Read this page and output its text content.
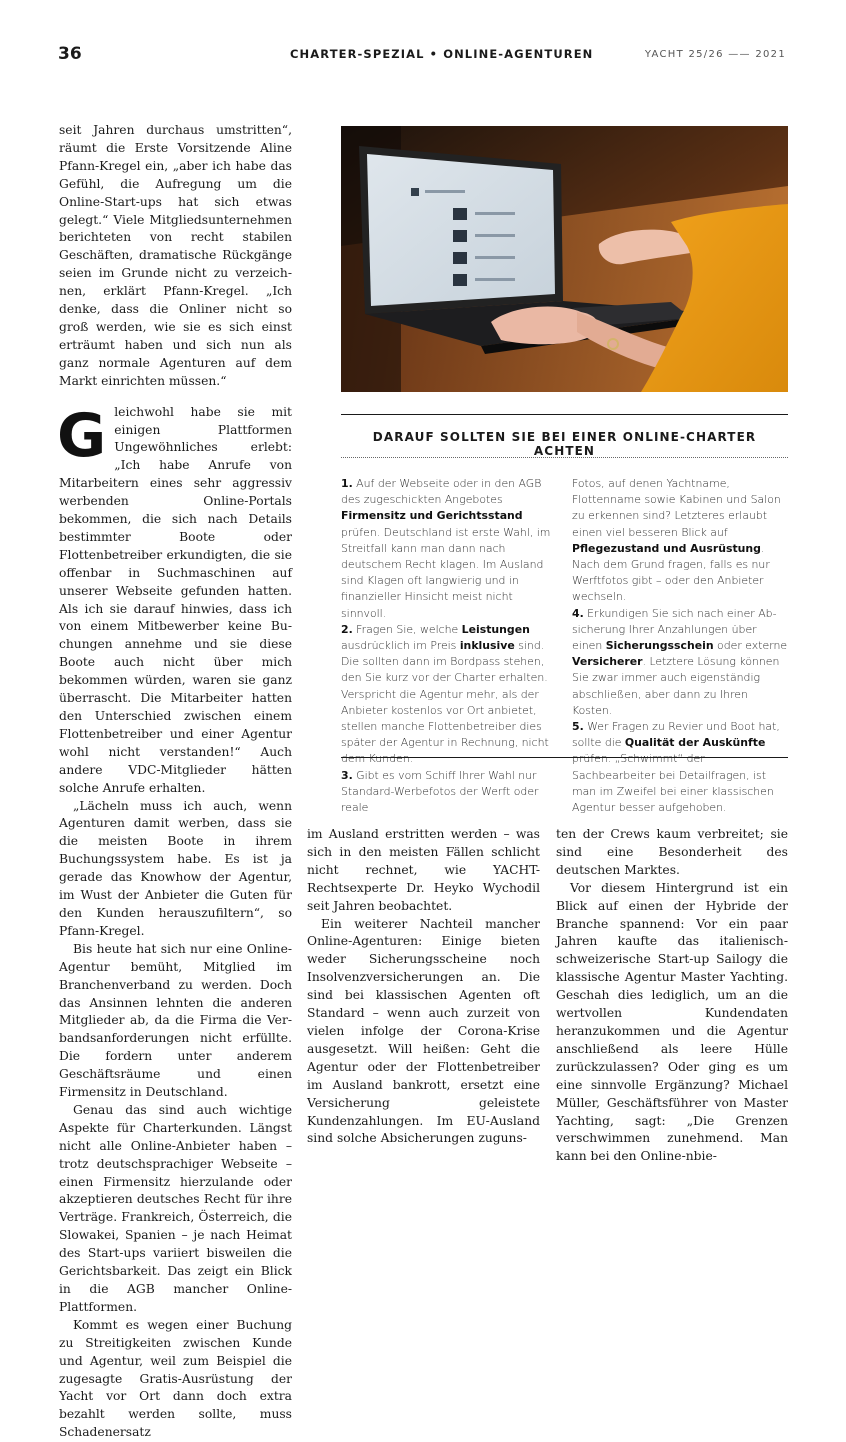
36	CHARTER-SPEZIAL • ONLINE-AGENTUREN	YACHT 25/26 —— 2021

seit Jahren durchaus umstritten“, räumt die Erste Vorsitzende Aline Pfann-Kregel ein, „aber ich habe das Gefühl, die Aufregung um die Online-Start-ups hat sich etwas gelegt.“ Viele Mitgliedsunternehmen berichteten von recht stabilen Geschäften, dramatische Rückgänge seien im Grunde nicht zu verzeichnen, erklärt Pfann-Kregel. „Ich denke, dass die Onliner nicht so groß werden, wie sie es sich einst erträumt haben und sich nun als ganz normale Agenturen auf dem Markt einrichten müssen.“

Gleichwohl habe sie mit einigen Plattformen Ungewöhnliches erlebt: „Ich habe Anrufe von Mitarbeitern eines sehr aggressiv werbenden Online-Portals bekommen, die sich nach Details bestimmter Boote oder Flottenbetreiber erkundigten, die sie offenbar in Suchmaschinen auf unserer Webseite gefunden hatten. Als ich sie darauf hinwies, dass ich von einem Mitbewerber keine Buchungen annehme und sie diese Boote auch nicht über mich bekommen würden, waren sie ganz überrascht. Die Mitarbeiter hatten den Unterschied zwischen einem Flottenbetreiber und einer Agentur wohl nicht verstanden!“ Auch andere VDC-Mitglieder hätten solche Anrufe erhalten.

„Lächeln muss ich auch, wenn Agenturen damit werben, dass sie die meisten Boote in ihrem Buchungssystem habe. Es ist ja gerade das Knowhow der Agentur, im Wust der Anbieter die Guten für den Kunden herauszufiltern“, so Pfann-Kregel.

Bis heute hat sich nur eine Online-Agentur bemüht, Mitglied im Branchenverband zu werden. Doch das Ansinnen lehnten die anderen Mitglieder ab, da die Firma die Verbandsanforderungen nicht erfüllte. Die fordern unter anderem Geschäftsräume und einen Firmensitz in Deutschland.

Genau das sind auch wichtige Aspekte für Charterkunden. Längst nicht alle Online-Anbieter haben – trotz deutschsprachiger Webseite – einen Firmensitz hierzulande oder akzeptieren deutsches Recht für ihre Verträge. Frankreich, Österreich, die Slowakei, Spanien – je nach Heimat des Start-ups variiert bisweilen die Gerichtsbarkeit. Das zeigt ein Blick in die AGB mancher Online-Plattformen.

Kommt es wegen einer Buchung zu Streitigkeiten zwischen Kunde und Agentur, weil zum Beispiel die zugesagte Gratis-Ausrüstung der Yacht vor Ort dann doch extra bezahlt werden sollte, muss Schadenersatz

DARAUF SOLLTEN SIE BEI EINER ONLINE-CHARTER ACHTEN

1. Auf der Webseite oder in den AGB des zugeschickten Angebotes Firmensitz und Gerichtsstand prüfen. Deutschland ist erste Wahl, im Streitfall kann man dann nach deutschem Recht klagen. Im Ausland sind Klagen oft langwierig und in finanzieller Hinsicht meist nicht sinnvoll.

2. Fragen Sie, welche Leistungen ausdrücklich im Preis inklusive sind. Die sollten dann im Bordpass stehen, den Sie kurz vor der Charter erhalten. Verspricht die Agentur mehr, als der Anbieter kostenlos vor Ort anbietet, stellen manche Flottenbetreiber dies später der Agentur in Rechnung, nicht dem Kunden.

3. Gibt es vom Schiff Ihrer Wahl nur Standard-Werbefotos der Werft oder reale

Fotos, auf denen Yachtname, Flottenname sowie Kabinen und Salon zu erkennen sind? Letzteres erlaubt einen viel besseren Blick auf Pflegezustand und Ausrüstung. Nach dem Grund fragen, falls es nur Werftfotos gibt – oder den Anbieter wechseln.

4. Erkundigen Sie sich nach einer Absicherung Ihrer Anzahlungen über einen Sicherungsschein oder externe Versicherer. Letztere Lösung können Sie zwar immer auch eigenständig abschließen, aber dann zu Ihren Kosten.

5. Wer Fragen zu Revier und Boot hat, sollte die Qualität der Auskünfte prüfen. „Schwimmt“ der Sachbearbeiter bei Detailfragen, ist man im Zweifel bei einer klassischen Agentur besser aufgehoben.

im Ausland erstritten werden – was sich in den meisten Fällen schlicht nicht rechnet, wie YACHT-Rechtsexperte Dr. Heyko Wychodil seit Jahren beobachtet.

Ein weiterer Nachteil mancher Online-Agenturen: Einige bieten weder Sicherungsscheine noch Insolvenzversicherungen an. Die sind bei klassischen Agenten oft Standard – wenn auch zurzeit von vielen infolge der Corona-Krise ausgesetzt. Will heißen: Geht die Agentur oder der Flottenbetreiber im Ausland bankrott, ersetzt eine Versicherung geleistete Kundenzahlungen. Im EU-Ausland sind solche Absicherungen zuguns-

ten der Crews kaum verbreitet; sie sind eine Besonderheit des deutschen Marktes.

Vor diesem Hintergrund ist ein Blick auf einen der Hybride der Branche spannend: Vor ein paar Jahren kaufte das italienisch-schweizerische Start-up Sailogy die klassische Agentur Master Yachting. Geschah dies lediglich, um an die wertvollen Kundendaten heranzukommen und die Agentur anschließend als leere Hülle zurückzulassen? Oder ging es um eine sinnvolle Ergänzung? Michael Müller, Geschäftsführer von Master Yachting, sagt: „Die Grenzen verschwimmen zunehmend. Man kann bei den Online-nbie-
